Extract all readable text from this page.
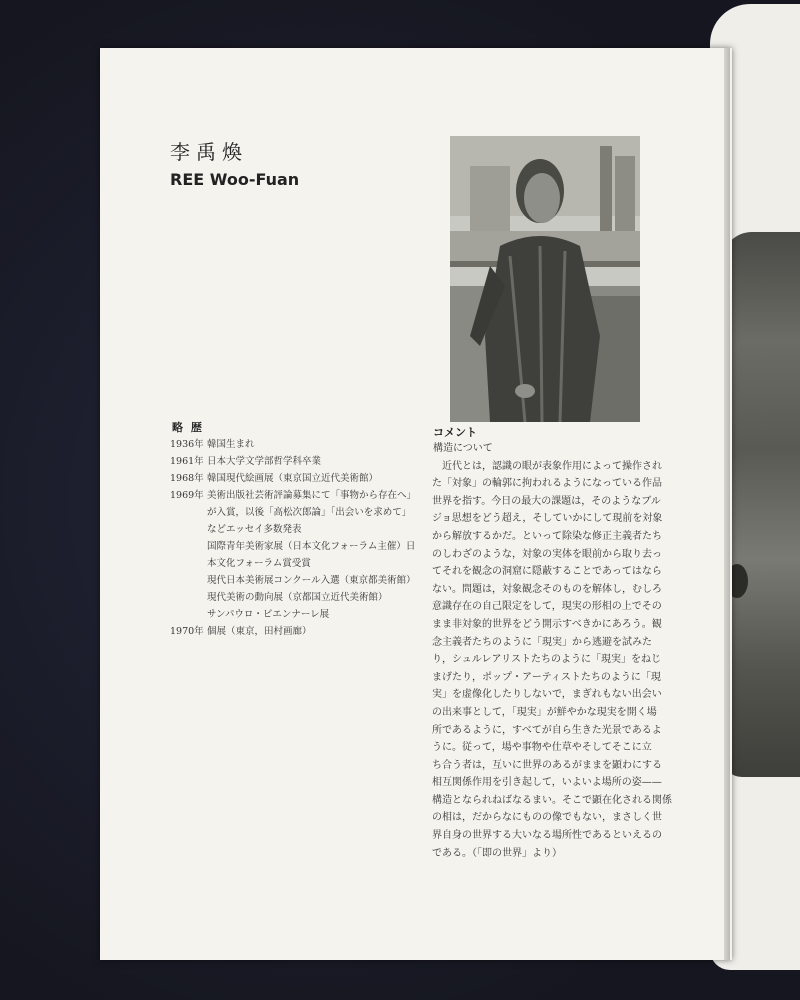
李禹煥
REE Woo-Fuan
略 歴
1936年 韓国生まれ
1961年 日本大学文学部哲学科卒業
1968年 韓国現代絵画展（東京国立近代美術館）
1969年 美術出版社芸術評論募集にて「事物から存在へ」が入賞，以後「高松次郎論」「出会いを求めて」などエッセイ多数発表
国際青年美術家展（日本文化フォーラム主催）日本文化フォーラム賞受賞
現代日本美術展コンクール入選（東京都美術館）
現代美術の動向展（京都国立近代美術館）
サンパウロ・ビエンナーレ展
1970年 個展（東京，田村画廊）
コメント
構造について
　近代とは，認識の眼が表象作用によって操作され
た「対象」の輪郭に拘われるようになっている作品
世界を指す。今日の最大の課題は，そのようなブル
ジョ思想をどう超え，そしていかにして現前を対象
から解放するかだ。といって除染な修正主義者たち
のしわざのような，対象の実体を眼前から取り去っ
てそれを観念の洞窟に隠蔽することであってはなら
ない。問題は，対象観念そのものを解体し，むしろ
意識存在の自己限定をして，現実の形相の上でその
まま非対象的世界をどう開示すべきかにあろう。観
念主義者たちのように「現実」から逃避を試みた
り，シュルレアリストたちのように「現実」をねじ
まげたり，ポップ・アーティストたちのように「現
実」を虚像化したりしないで，まぎれもない出会い
の出来事として，「現実」が鮮やかな現実を開く場
所であるように，すべてが自ら生きた光景であるよ
うに。従って，場や事物や仕草やそしてそこに立
ち合う者は，互いに世界のあるがままを顕わにする
相互関係作用を引き起して，いよいよ場所の姿——
構造となられねばなるまい。そこで顕在化される関係
の相は，だからなにものの像でもない，まさしく世
界自身の世界する大いなる場所性であるといえるの
である。（「即の世界」より）
